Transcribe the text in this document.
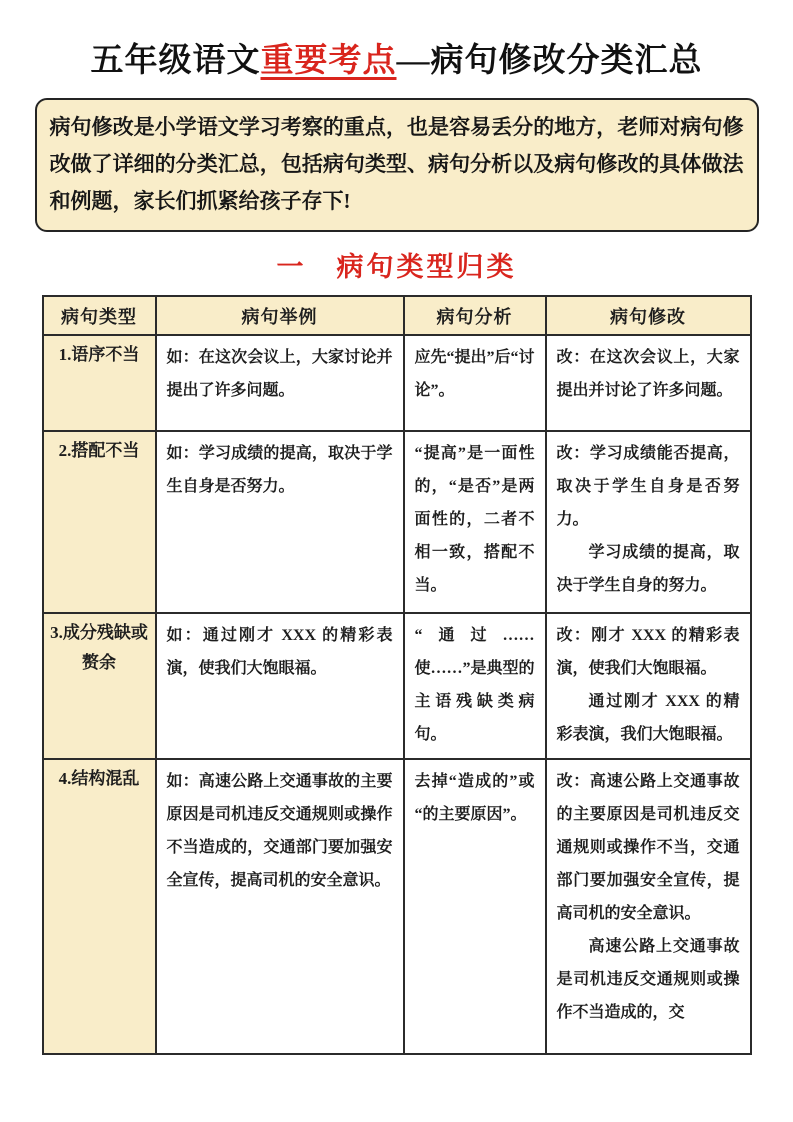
五年级语文重要考点—病句修改分类汇总

病句修改是小学语文学习考察的重点，也是容易丢分的地方，老师对病句修改做了详细的分类汇总，包括病句类型、病句分析以及病句修改的具体做法和例题，家长们抓紧给孩子存下!

一　病句类型归类
病句类型	病句举例	病句分析	病句修改
1.语序不当	如：在这次会议上，大家讨论并提出了许多问题。	应先“提出”后“讨论”。	改：在这次会议上，大家提出并讨论了许多问题。

2.搭配不当	如：学习成绩的提高，取决于学生自身是否努力。	“提高”是一面性的，“是否”是两面性的，二者不相一致，搭配不当。	改：学习成绩能否提高，取决于学生自身是否努力。

学习成绩的提高，取决于学生自身的努力。

3.成分残缺或赘余	如：通过刚才 XXX 的精彩表演，使我们大饱眼福。	“通过……使……”是典型的主语残缺类病句。	改：刚才 XXX 的精彩表演，使我们大饱眼福。

通过刚才 XXX 的精彩表演，我们大饱眼福。

4.结构混乱	如：高速公路上交通事故的主要原因是司机违反交通规则或操作不当造成的，交通部门要加强安全宣传，提高司机的安全意识。	去掉“造成的”或“的主要原因”。	改：高速公路上交通事故的主要原因是司机违反交通规则或操作不当，交通部门要加强安全宣传，提高司机的安全意识。

高速公路上交通事故是司机违反交通规则或操作不当造成的，交
